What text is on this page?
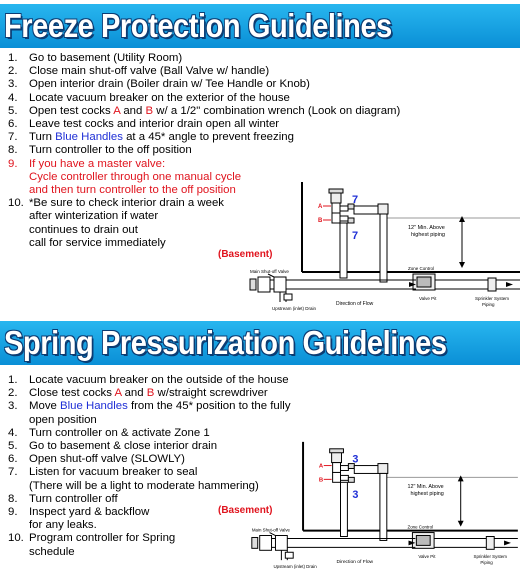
Freeze Protection Guidelines
1. Go to basement (Utility Room)
2. Close main shut-off valve (Ball Valve w/ handle)
3. Open interior drain (Boiler drain w/ Tee Handle or Knob)
4. Locate vacuum breaker on the exterior of the house
5. Open test cocks A and B w/ a 1/2" combination wrench (Look on diagram)
6. Leave test cocks and interior drain open all winter
7. Turn Blue Handles at a 45* angle to prevent freezing
8. Turn controller to the off position
9. If you have a master valve:
Cycle controller through one manual cycle
and then turn controller to the off position
10. *Be sure to check interior drain a week
after winterization if water
continues to drain out
call for service immediately
(Basement)
12" Min. Above
highest piping
A
B
Zone Control
Main Shut-off Valve
Direction of Flow
Valve Pit
Upstream (inlet) Drain
Sprinkler System
Piping
7
7
Spring Pressurization Guidelines
1. Locate vacuum breaker on the outside of the house
2. Close test cocks A and B w/straight screwdriver
3. Move Blue Handles from the 45* position to the fully
open position
4. Turn controller on & activate Zone 1
5. Go to basement & close interior drain
6. Open shut-off valve (SLOWLY)
7. Listen for vacuum breaker to seal
(There will be a light to moderate hammering)
8. Turn controller off
9. Inspect yard & backflow
for any leaks.
10. Program controller for Spring
schedule
(Basement)
12" Min. Above
highest piping
A
B
Zone Control
Main Shut-off Valve
Direction of Flow
Valve Pit
Upstream (inlet) Drain
Sprinkler System
Piping
3
3
